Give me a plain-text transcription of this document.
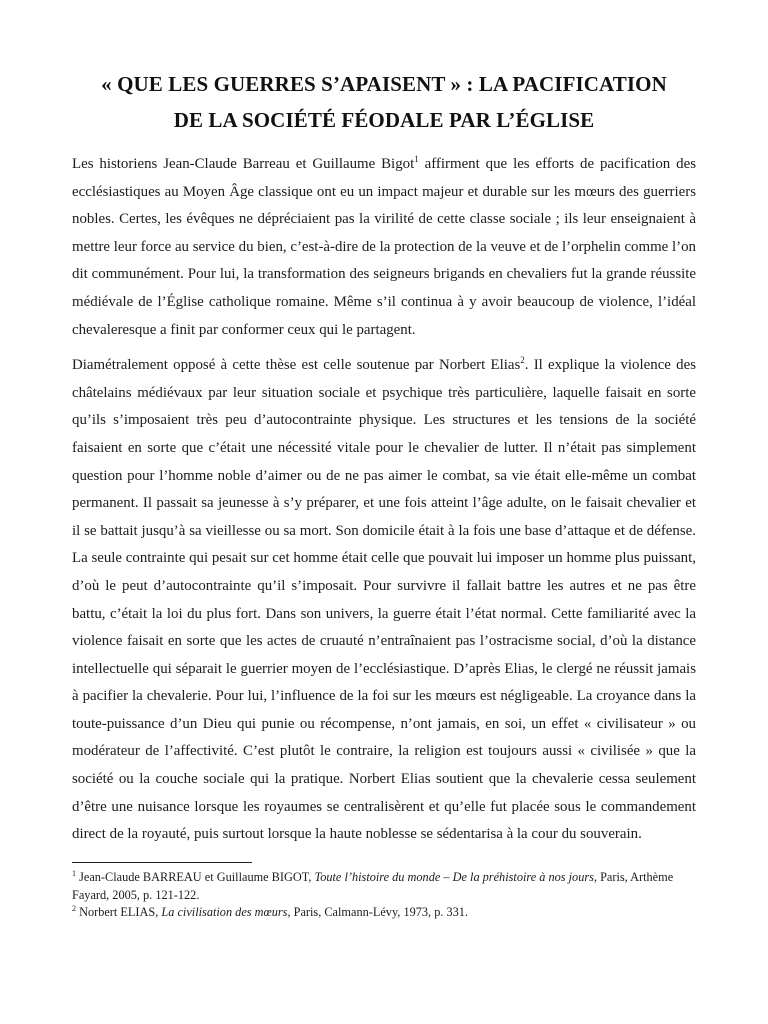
« QUE LES GUERRES S’APAISENT » : LA PACIFICATION
DE LA SOCIÉTÉ FÉODALE PAR L’ÉGLISE

Les historiens Jean-Claude Barreau et Guillaume Bigot$^1$ affirment que les efforts de pacification des ecclésiastiques au Moyen Âge classique ont eu un impact majeur et durable sur les mœurs des guerriers nobles. Certes, les évêques ne dépréciaient pas la virilité de cette classe sociale ; ils leur enseignaient à mettre leur force au service du bien, c’est-à-dire de la protection de la veuve et de l’orphelin comme l’on dit communément. Pour lui, la transformation des seigneurs brigands en chevaliers fut la grande réussite médiévale de l’Église catholique romaine. Même s’il continua à y avoir beaucoup de violence, l’idéal chevaleresque a finit par conformer ceux qui le partagent.

Diamétralement opposé à cette thèse est celle soutenue par Norbert Elias$^2$. Il explique la violence des châtelains médiévaux par leur situation sociale et psychique très particulière, laquelle faisait en sorte qu’ils s’imposaient très peu d’autocontrainte physique. Les structures et les tensions de la société faisaient en sorte que c’était une nécessité vitale pour le chevalier de lutter. Il n’était pas simplement question pour l’homme noble d’aimer ou de ne pas aimer le combat, sa vie était elle-même un combat permanent. Il passait sa jeunesse à s’y préparer, et une fois atteint l’âge adulte, on le faisait chevalier et il se battait jusqu’à sa vieillesse ou sa mort. Son domicile était à la fois une base d’attaque et de défense. La seule contrainte qui pesait sur cet homme était celle que pouvait lui imposer un homme plus puissant, d’où le peut d’autocontrainte qu’il s’imposait. Pour survivre il fallait battre les autres et ne pas être battu, c’était la loi du plus fort. Dans son univers, la guerre était l’état normal. Cette familiarité avec la violence faisait en sorte que les actes de cruauté n’entraînaient pas l’ostracisme social, d’où la distance intellectuelle qui séparait le guerrier moyen de l’ecclésiastique. D’après Elias, le clergé ne réussit jamais à pacifier la chevalerie. Pour lui, l’influence de la foi sur les mœurs est négligeable. La croyance dans la toute-puissance d’un Dieu qui punie ou récompense, n’ont jamais, en soi, un effet « civilisateur » ou modérateur de l’affectivité. C’est plutôt le contraire, la religion est toujours aussi « civilisée » que la société ou la couche sociale qui la pratique. Norbert Elias soutient que la chevalerie cessa seulement d’être une nuisance lorsque les royaumes se centralisèrent et qu’elle fut placée sous le commandement direct de la royauté, puis surtout lorsque la haute noblesse se sédentarisa à la cour du souverain.

$^1$ Jean-Claude BARREAU et Guillaume BIGOT, Toute l’histoire du monde – De la préhistoire à nos jours, Paris, Arthème Fayard, 2005, p. 121-122.

$^2$ Norbert ELIAS, La civilisation des mœurs, Paris, Calmann-Lévy, 1973, p. 331.
